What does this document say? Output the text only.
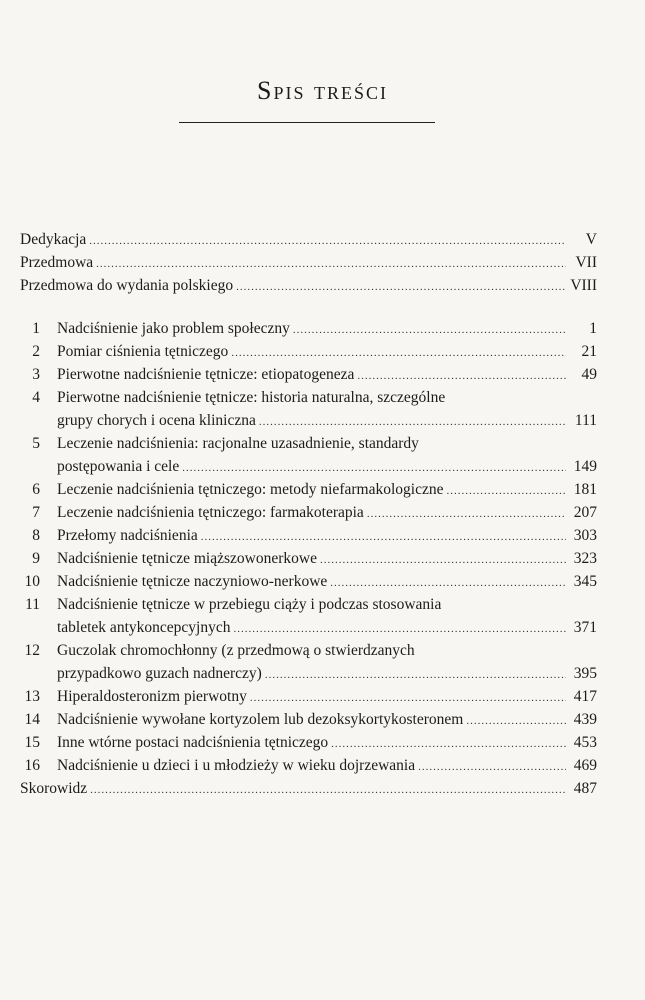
Spis treści
Dedykacja .....	V
Przedmowa .....	VII
Przedmowa do wydania polskiego .....	VIII
1 Nadciśnienie jako problem społeczny .....	1
2 Pomiar ciśnienia tętniczego .....	21
3 Pierwotne nadciśnienie tętnicze: etiopatogeneza .....	49
4 Pierwotne nadciśnienie tętnicze: historia naturalna, szczególne
grupy chorych i ocena kliniczna .....	111
5 Leczenie nadciśnienia: racjonalne uzasadnienie, standardy
postępowania i cele .....	149
6 Leczenie nadciśnienia tętniczego: metody niefarmakologiczne .....	181
7 Leczenie nadciśnienia tętniczego: farmakoterapia .....	207
8 Przełomy nadciśnienia .....	303
9 Nadciśnienie tętnicze miąższowonerkowe .....	323
10 Nadciśnienie tętnicze naczyniowo-nerkowe .....	345
11 Nadciśnienie tętnicze w przebiegu ciąży i podczas stosowania
tabletek antykoncepcyjnych .....	371
12 Guczolak chromochłonny (z przedmową o stwierdzanych
przypadkowo guzach nadnerczy) .....	395
13 Hiperaldosteronizm pierwotny .....	417
14 Nadciśnienie wywołane kortyzolem lub dezoksykortykosteronem .....	439
15 Inne wtórne postaci nadciśnienia tętniczego .....	453
16 Nadciśnienie u dzieci i u młodzieży w wieku dojrzewania .....	469
Skorowidz .....	487
